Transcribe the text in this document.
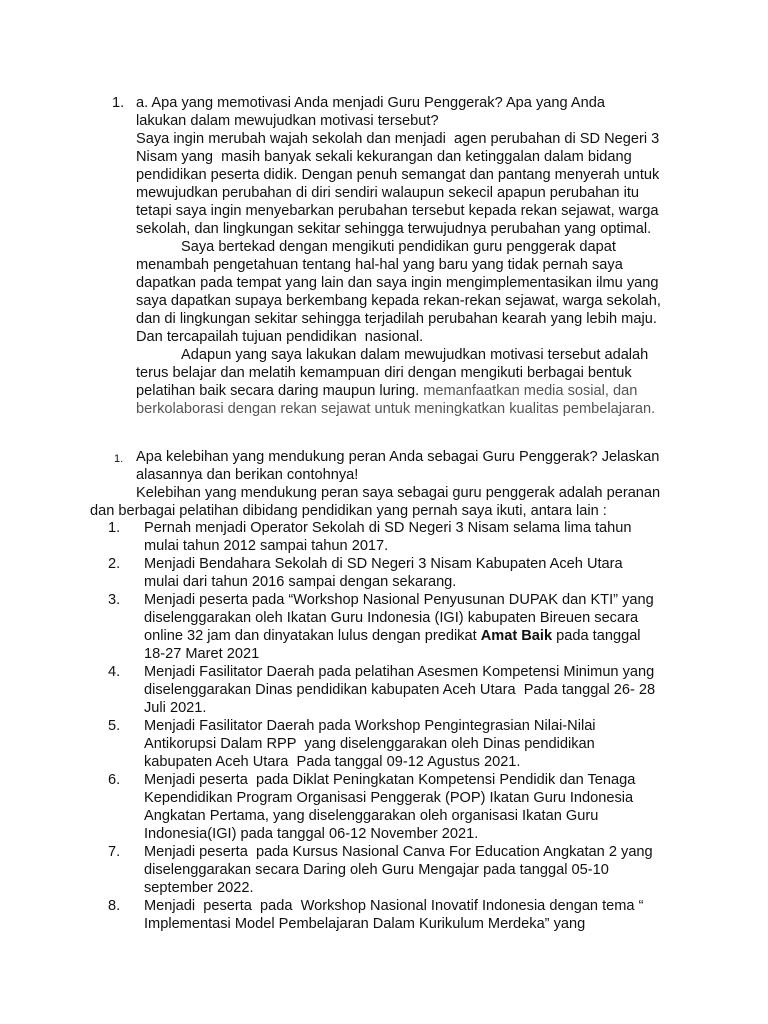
1. a. Apa yang memotivasi Anda menjadi Guru Penggerak? Apa yang Anda
lakukan dalam mewujudkan motivasi tersebut?
Saya ingin merubah wajah sekolah dan menjadi  agen perubahan di SD Negeri 3
Nisam yang  masih banyak sekali kekurangan dan ketinggalan dalam bidang
pendidikan peserta didik. Dengan penuh semangat dan pantang menyerah untuk
mewujudkan perubahan di diri sendiri walaupun sekecil apapun perubahan itu
tetapi saya ingin menyebarkan perubahan tersebut kepada rekan sejawat, warga
sekolah, dan lingkungan sekitar sehingga terwujudnya perubahan yang optimal.
Saya bertekad dengan mengikuti pendidikan guru penggerak dapat
menambah pengetahuan tentang hal-hal yang baru yang tidak pernah saya
dapatkan pada tempat yang lain dan saya ingin mengimplementasikan ilmu yang
saya dapatkan supaya berkembang kepada rekan-rekan sejawat, warga sekolah,
dan di lingkungan sekitar sehingga terjadilah perubahan kearah yang lebih maju.
Dan tercapailah tujuan pendidikan  nasional.
Adapun yang saya lakukan dalam mewujudkan motivasi tersebut adalah
terus belajar dan melatih kemampuan diri dengan mengikuti berbagai bentuk
pelatihan baik secara daring maupun luring. memanfaatkan media sosial, dan
berkolaborasi dengan rekan sejawat untuk meningkatkan kualitas pembelajaran.
1. Apa kelebihan yang mendukung peran Anda sebagai Guru Penggerak? Jelaskan
alasannya dan berikan contohnya!
Kelebihan yang mendukung peran saya sebagai guru penggerak adalah peranan
dan berbagai pelatihan dibidang pendidikan yang pernah saya ikuti, antara lain :
1. Pernah menjadi Operator Sekolah di SD Negeri 3 Nisam selama lima tahun
mulai tahun 2012 sampai tahun 2017.
2. Menjadi Bendahara Sekolah di SD Negeri 3 Nisam Kabupaten Aceh Utara
mulai dari tahun 2016 sampai dengan sekarang.
3. Menjadi peserta pada “Workshop Nasional Penyusunan DUPAK dan KTI” yang
diselenggarakan oleh Ikatan Guru Indonesia (IGI) kabupaten Bireuen secara
online 32 jam dan dinyatakan lulus dengan predikat Amat Baik pada tanggal
18-27 Maret 2021
4. Menjadi Fasilitator Daerah pada pelatihan Asesmen Kompetensi Minimun yang
diselenggarakan Dinas pendidikan kabupaten Aceh Utara  Pada tanggal 26- 28
Juli 2021.
5. Menjadi Fasilitator Daerah pada Workshop Pengintegrasian Nilai-Nilai
Antikorupsi Dalam RPP  yang diselenggarakan oleh Dinas pendidikan
kabupaten Aceh Utara  Pada tanggal 09-12 Agustus 2021.
6. Menjadi peserta  pada Diklat Peningkatan Kompetensi Pendidik dan Tenaga
Kependidikan Program Organisasi Penggerak (POP) Ikatan Guru Indonesia
Angkatan Pertama, yang diselenggarakan oleh organisasi Ikatan Guru
Indonesia(IGI) pada tanggal 06-12 November 2021.
7. Menjadi peserta  pada Kursus Nasional Canva For Education Angkatan 2 yang
diselenggarakan secara Daring oleh Guru Mengajar pada tanggal 05-10
september 2022.
8. Menjadi  peserta  pada  Workshop Nasional Inovatif Indonesia dengan tema “
Implementasi Model Pembelajaran Dalam Kurikulum Merdeka” yang
